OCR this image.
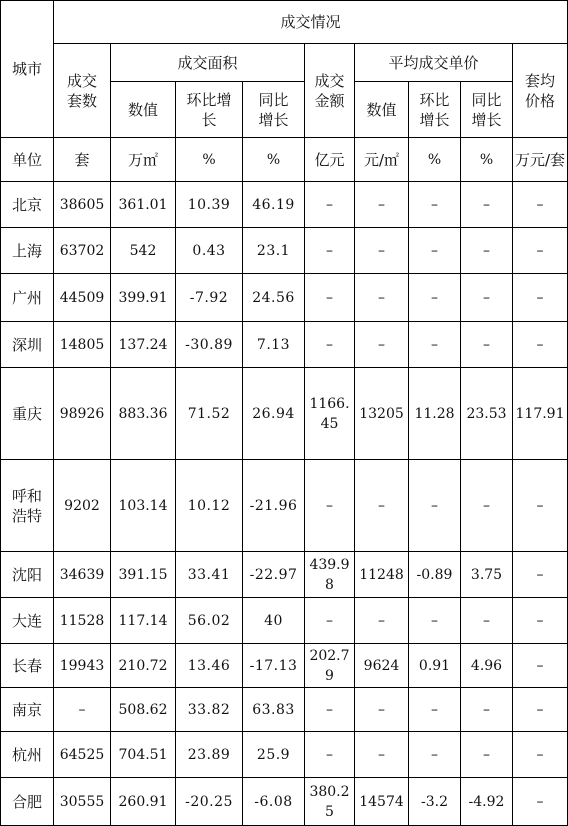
城市	成交情况								
	成交套数	成交面积			成交金额	平均成交单价			套均价格
		数值	环比增长	同比增长		数值	环比增长	同比增长	
单位	套	万㎡	%	%	亿元	元/㎡	%	%	万元/套
北京	38605	361.01	10.39	46.19	–	–	–	–	–
上海	63702	542	0.43	23.1	–	–	–	–	–
广州	44509	399.91	-7.92	24.56	–	–	–	–	–
深圳	14805	137.24	-30.89	7.13	–	–	–	–	–
重庆	98926	883.36	71.52	26.94	1166.45	13205	11.28	23.53	117.91
呼和浩特	9202	103.14	10.12	-21.96	–	–	–	–	–
沈阳	34639	391.15	33.41	-22.97	439.98	11248	-0.89	3.75	–
大连	11528	117.14	56.02	40	–	–	–	–	–
长春	19943	210.72	13.46	-17.13	202.79	9624	0.91	4.96	–
南京	–	508.62	33.82	63.83	–	–	–	–	–
杭州	64525	704.51	23.89	25.9	–	–	–	–	–
合肥	30555	260.91	-20.25	-6.08	380.25	14574	-3.2	-4.92	–
